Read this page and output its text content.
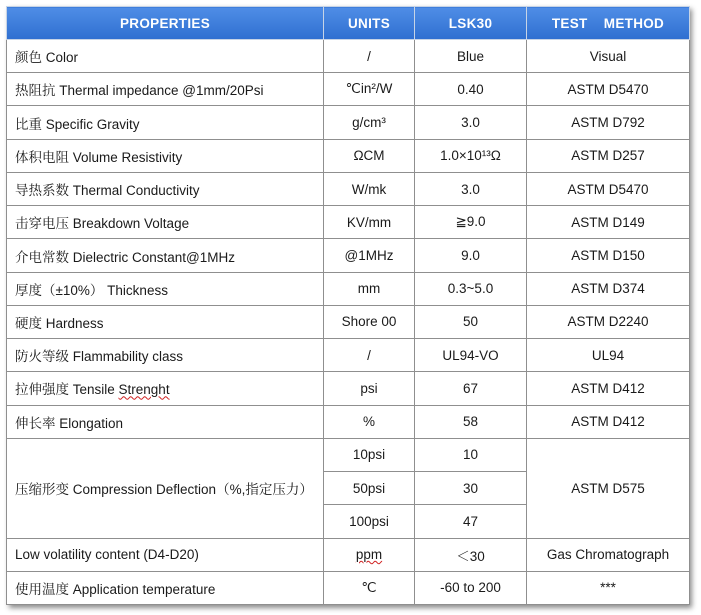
PROPERTIES	UNITS	LSK30	TEST    METHOD
颜色 Color	/	Blue	Visual
热阻抗 Thermal impedance @1mm/20Psi	℃in²/W	0.40	ASTM D5470
比重 Specific Gravity	g/cm³	3.0	ASTM D792
体积电阻 Volume Resistivity	ΩCM	1.0×10¹³Ω	ASTM D257
导热系数 Thermal Conductivity	W/mk	3.0	ASTM D5470
击穿电压 Breakdown Voltage	KV/mm	≧9.0	ASTM D149
介电常数 Dielectric Constant@1MHz	@1MHz	9.0	ASTM D150
厚度（±10%） Thickness	mm	0.3~5.0	ASTM D374
硬度 Hardness	Shore 00	50	ASTM D2240
防火等级 Flammability class	/	UL94-VO	UL94
拉伸强度 Tensile Strenght	psi	67	ASTM D412
伸长率 Elongation	%	58	ASTM D412
压缩形变 Compression Deflection（%,指定压力）	10psi	10	ASTM D575
	50psi	30	
	100psi	47	
Low volatility content (D4-D20)	ppm	＜30	Gas Chromatograph
使用温度 Application temperature	℃	-60 to 200	***
